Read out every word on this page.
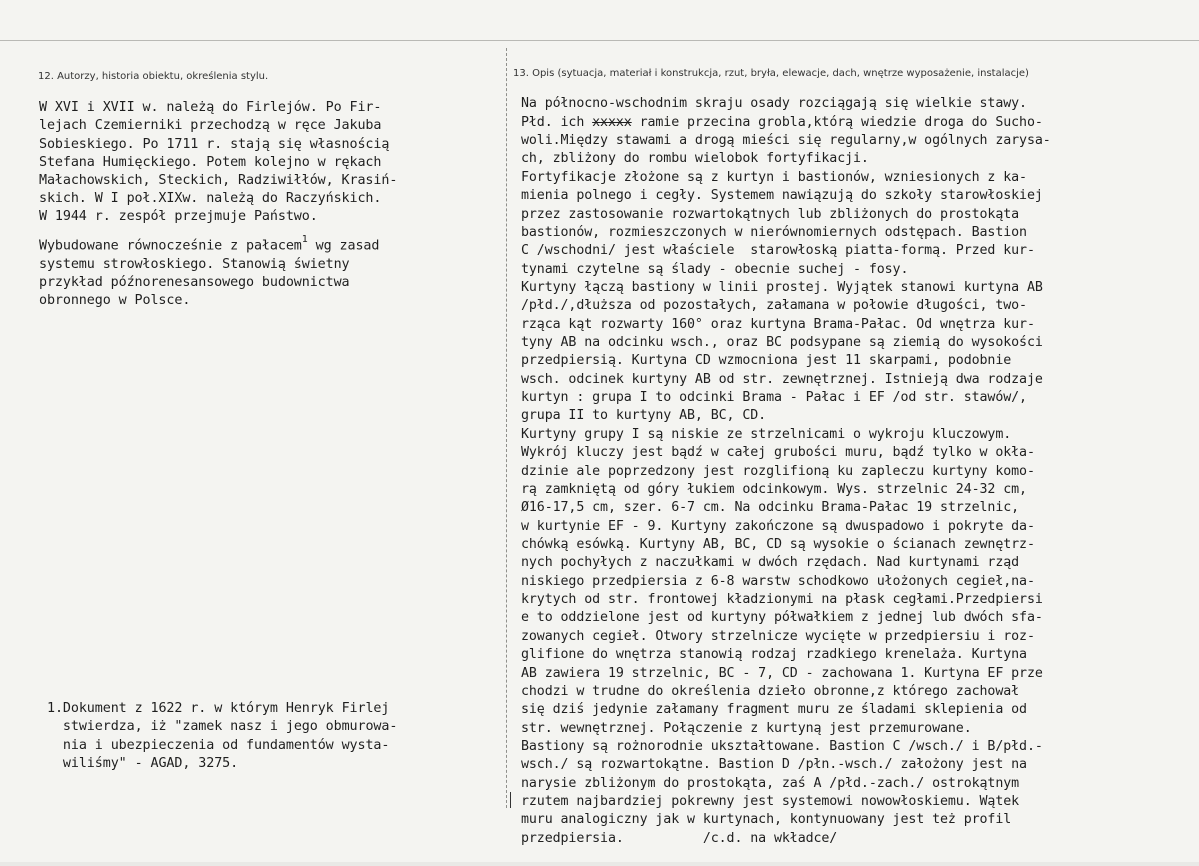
12. Autorzy, historia obiektu, określenia stylu.	13. Opis (sytuacja, materiał i konstrukcja, rzut, bryła, elewacje, dach, wnętrze wyposażenie, instalacje)

W XVI i XVII w. należą do Firlejów. Po Fir-
lejach Czemierniki przechodzą w ręce Jakuba
Sobieskiego. Po 1711 r. stają się własnością
Stefana Humięckiego. Potem kolejno w rękach
Małachowskich, Steckich, Radziwiłłów, Krasiń-
skich. W I poł.XIXw. należą do Raczyńskich.
W 1944 r. zespół przejmuje Państwo.

Wybudowane równocześnie z pałacem$^1$ wg zasad
systemu strowłoskiego. Stanowią świetny
przykład późnorenesansowego budownictwa
obronnego w Polsce.

1.Dokument z 1622 r. w którym Henryk Firlej
stwierdza, iż "zamek nasz i jego obmurowa-
nia i ubezpieczenia od fundamentów wysta-
wiliśmy" - AGAD, 3275.

Na północno-wschodnim skraju osady rozciągają się wielkie stawy.
Płd. ich xxxxx ramie przecina grobla,którą wiedzie droga do Sucho-
woli.Między stawami a drogą mieści się regularny,w ogólnych zarysa-
ch, zbliżony do rombu wielobok fortyfikacji.
Fortyfikacje złożone są z kurtyn i bastionów, wzniesionych z ka-
mienia polnego i cegły. Systemem nawiązują do szkoły starowłoskiej
przez zastosowanie rozwartokątnych lub zbliżonych do prostokąta
bastionów, rozmieszczonych w nierównomiernych odstępach. Bastion
C /wschodni/ jest właściele  starowłoską piatta-formą. Przed kur-
tynami czytelne są ślady - obecnie suchej - fosy.
Kurtyny łączą bastiony w linii prostej. Wyjątek stanowi kurtyna AB
/płd./,dłuższa od pozostałych, załamana w połowie długości, two-
rząca kąt rozwarty 160° oraz kurtyna Brama-Pałac. Od wnętrza kur-
tyny AB na odcinku wsch., oraz BC podsypane są ziemią do wysokości
przedpiersią. Kurtyna CD wzmocniona jest 11 skarpami, podobnie
wsch. odcinek kurtyny AB od str. zewnętrznej. Istnieją dwa rodzaje
kurtyn : grupa I to odcinki Brama - Pałac i EF /od str. stawów/,
grupa II to kurtyny AB, BC, CD.
Kurtyny grupy I są niskie ze strzelnicami o wykroju kluczowym.
Wykrój kluczy jest bądź w całej grubości muru, bądź tylko w okła-
dzinie ale poprzedzony jest rozglifioną ku zapleczu kurtyny komo-
rą zamkniętą od góry łukiem odcinkowym. Wys. strzelnic 24-32 cm,
Ø16-17,5 cm, szer. 6-7 cm. Na odcinku Brama-Pałac 19 strzelnic,
w kurtynie EF - 9. Kurtyny zakończone są dwuspadowo i pokryte da-
chówką esówką. Kurtyny AB, BC, CD są wysokie o ścianach zewnętrz-
nych pochyłych z naczułkami w dwóch rzędach. Nad kurtynami rząd
niskiego przedpiersia z 6-8 warstw schodkowo ułożonych cegieł,na-
krytych od str. frontowej kładzionymi na płask cegłami.Przedpiersi
e to oddzielone jest od kurtyny półwałkiem z jednej lub dwóch sfa-
zowanych cegieł. Otwory strzelnicze wycięte w przedpiersiu i roz-
glifione do wnętrza stanowią rodzaj rzadkiego krenelaża. Kurtyna
AB zawiera 19 strzelnic, BC - 7, CD - zachowana 1. Kurtyna EF prze
chodzi w trudne do określenia dzieło obronne,z którego zachował
się dziś jedynie załamany fragment muru ze śladami sklepienia od
str. wewnętrznej. Połączenie z kurtyną jest przemurowane.
Bastiony są rożnorodnie ukształtowane. Bastion C /wsch./ i B/płd.-
wsch./ są rozwartokątne. Bastion D /płn.-wsch./ założony jest na
narysie zbliżonym do prostokąta, zaś A /płd.-zach./ ostrokątnym
rzutem najbardziej pokrewny jest systemowi nowowłoskiemu. Wątek
muru analogiczny jak w kurtynach, kontynuowany jest też profil
przedpiersia.          /c.d. na wkładce/
